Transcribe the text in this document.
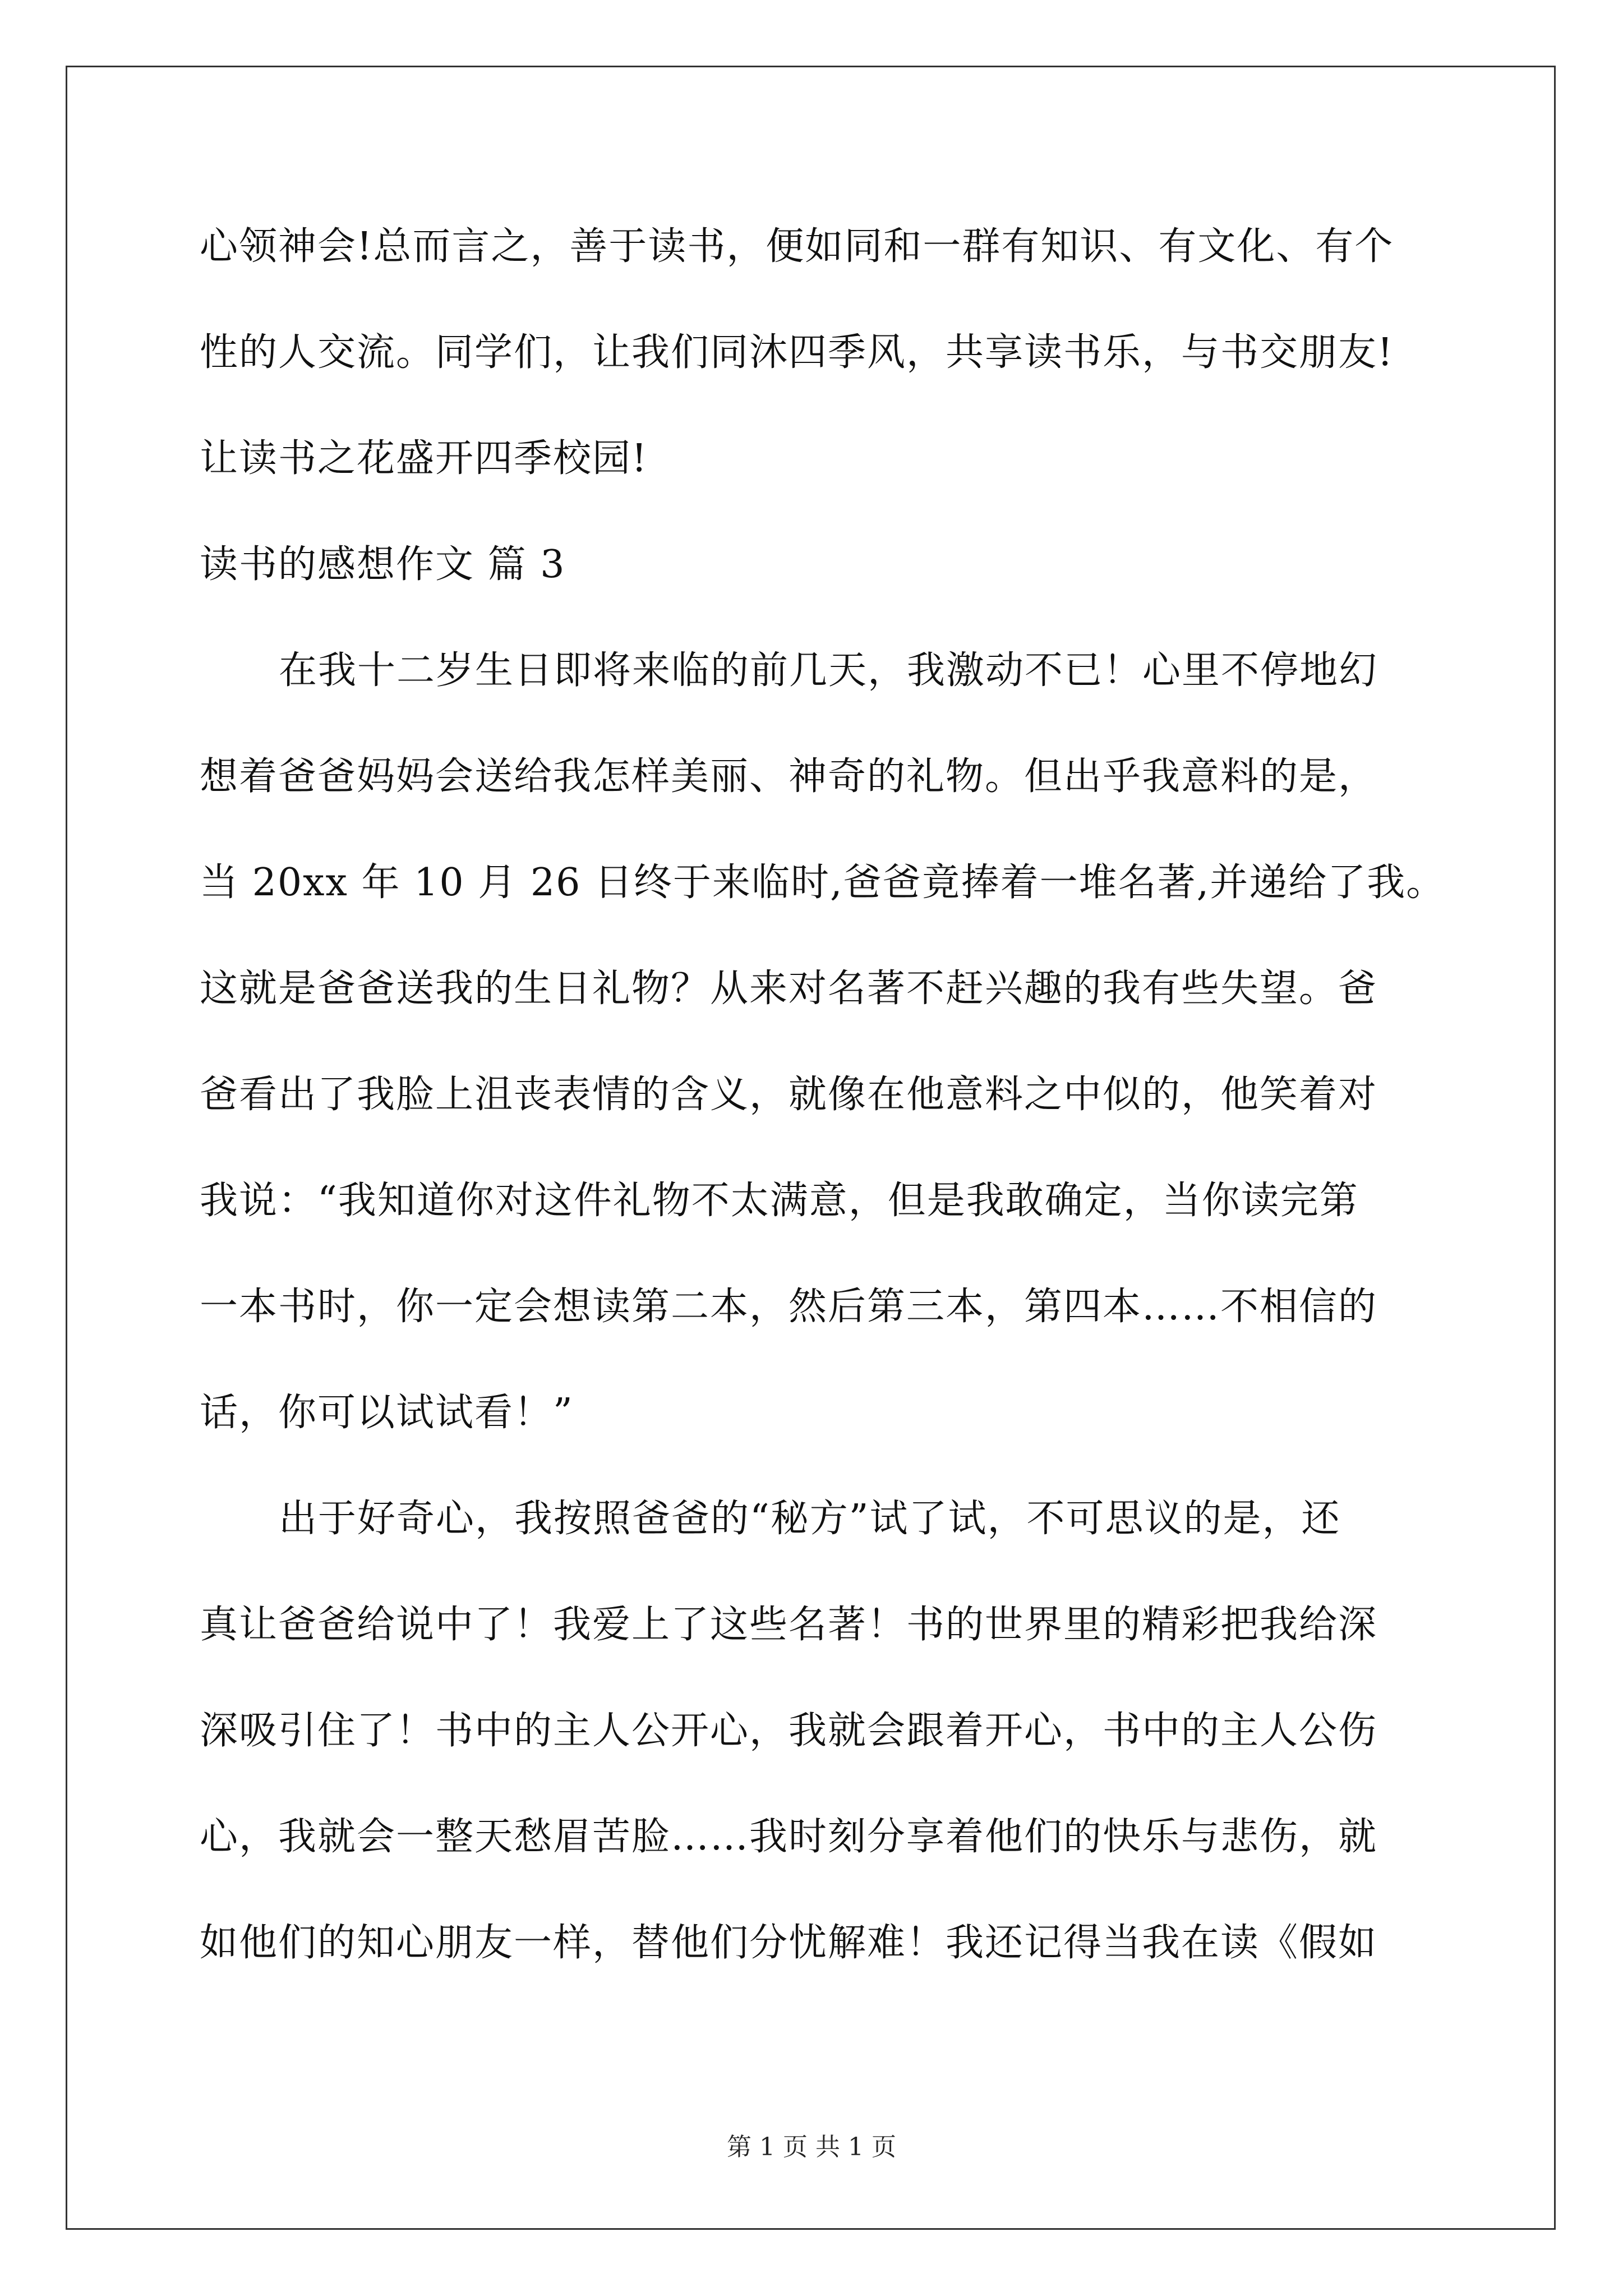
心领神会!总而言之，善于读书，便如同和一群有知识、有文化、有个
性的人交流。同学们，让我们同沐四季风，共享读书乐，与书交朋友!
让读书之花盛开四季校园!
读书的感想作文 篇 3
在我十二岁生日即将来临的前几天，我激动不已！心里不停地幻
想着爸爸妈妈会送给我怎样美丽、神奇的礼物。但出乎我意料的是，
当 20xx 年 10 月 26 日终于来临时,爸爸竟捧着一堆名著,并递给了我。
这就是爸爸送我的生日礼物？从来对名著不赶兴趣的我有些失望。爸
爸看出了我脸上沮丧表情的含义，就像在他意料之中似的，他笑着对
我说：“我知道你对这件礼物不太满意，但是我敢确定，当你读完第
一本书时，你一定会想读第二本，然后第三本，第四本……不相信的
话，你可以试试看！”
出于好奇心，我按照爸爸的“秘方”试了试，不可思议的是，还
真让爸爸给说中了！我爱上了这些名著！书的世界里的精彩把我给深
深吸引住了！书中的主人公开心，我就会跟着开心，书中的主人公伤
心，我就会一整天愁眉苦脸……我时刻分享着他们的快乐与悲伤，就
如他们的知心朋友一样，替他们分忧解难！我还记得当我在读《假如
第 1 页 共 1 页
